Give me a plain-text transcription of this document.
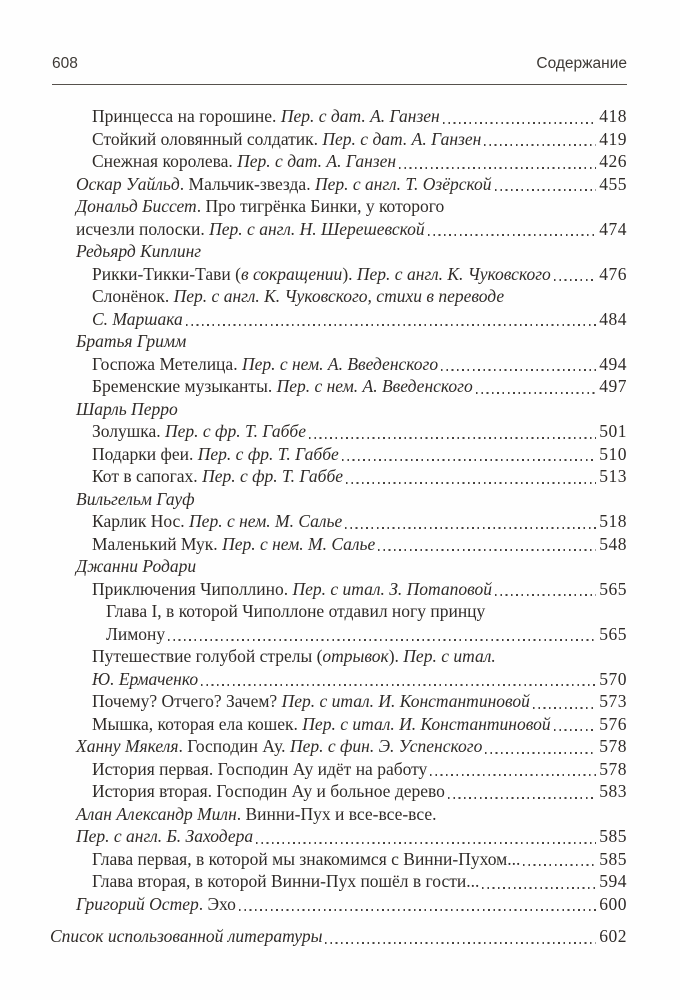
608	Содержание
Принцесса на горошине. Пер. с дат. А. Ганзен	418
Стойкий оловянный солдатик. Пер. с дат. А. Ганзен	419
Снежная королева. Пер. с дат. А. Ганзен	426
Оскар Уайльд. Мальчик-звезда. Пер. с англ. Т. Озёрской	455
Дональд Биссет. Про тигрёнка Бинки, у которого
исчезли полоски. Пер. с англ. Н. Шерешевской	474
Редьярд Киплинг
Рикки-Тикки-Тави (в сокращении). Пер. с англ. К. Чуковского	476
Слонёнок. Пер. с англ. К. Чуковского, стихи в переводе
С. Маршака	484
Братья Гримм
Госпожа Метелица. Пер. с нем. А. Введенского	494
Бременские музыканты. Пер. с нем. А. Введенского	497
Шарль Перро
Золушка. Пер. с фр. Т. Габбе	501
Подарки феи. Пер. с фр. Т. Габбе	510
Кот в сапогах. Пер. с фр. Т. Габбе	513
Вильгельм Гауф
Карлик Нос. Пер. с нем. М. Салье	518
Маленький Мук. Пер. с нем. М. Салье	548
Джанни Родари
Приключения Чиполлино. Пер. с итал. З. Потаповой	565
Глава I, в которой Чиполлоне отдавил ногу принцу
Лимону	565
Путешествие голубой стрелы (отрывок). Пер. с итал.
Ю. Ермаченко	570
Почему? Отчего? Зачем? Пер. с итал. И. Константиновой	573
Мышка, которая ела кошек. Пер. с итал. И. Константиновой	576
Ханну Мякеля. Господин Ау. Пер. с фин. Э. Успенского	578
История первая. Господин Ау идёт на работу	578
История вторая. Господин Ау и больное дерево	583
Алан Александр Милн. Винни-Пух и все-все-все.
Пер. с англ. Б. Заходера	585
Глава первая, в которой мы знакомимся с Винни-Пухом...	585
Глава вторая, в которой Винни-Пух пошёл в гости...	594
Григорий Остер. Эхо	600
Список использованной литературы	602
